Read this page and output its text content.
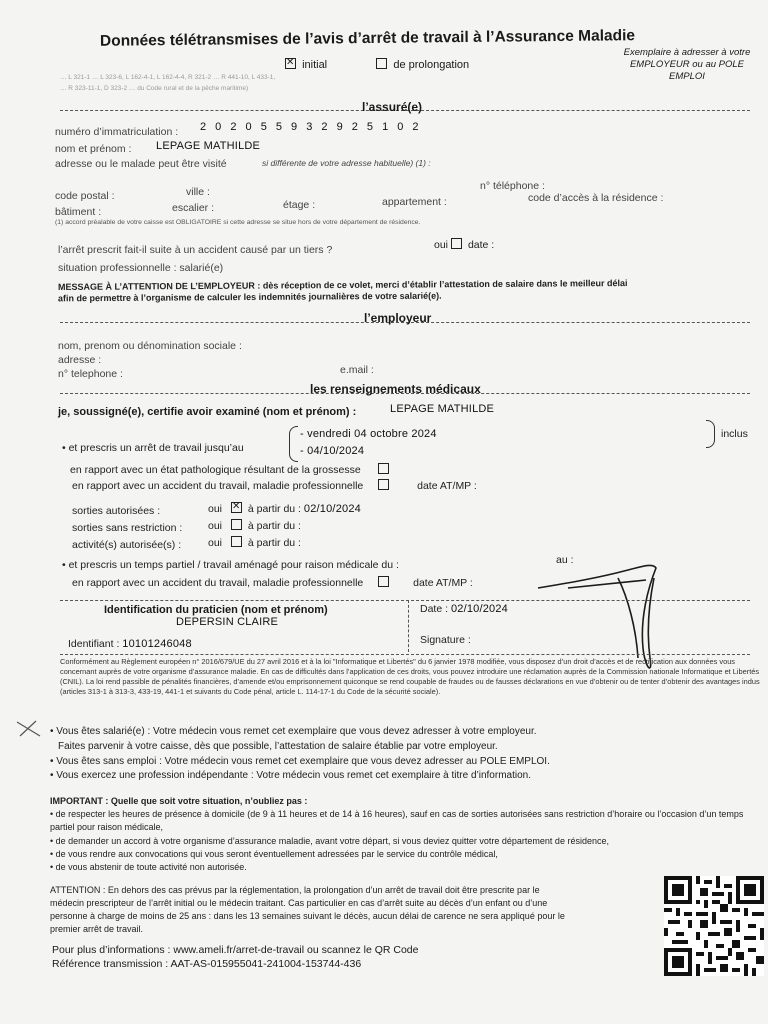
Données télétransmises de l’avis d’arrêt de travail à l’Assurance Maladie
Exemplaire à adresser à votre EMPLOYEUR ou au POLE EMPLOI
✕ initial	de prolongation
… L 321-1 … L 323-6, L 162-4-1, L 162-4-4, R 321-2 … R 441-10, L 433-1,
… R 323-11-1, D 323-2 … du Code rural et de la pêche maritime)
l’assuré(e)
numéro d’immatriculation : 2 0 2 0 5 5 9 3 2 9 2 5 1 0 2
nom et prénom : LEPAGE MATHILDE
adresse ou le malade peut être visité	si différente de votre adresse habituelle) (1) :
n° téléphone :
code postal :	ville :
bâtiment :	escalier :	étage :	appartement :	code d’accès à la résidence :
(1) accord préalable de votre caisse est OBLIGATOIRE si cette adresse se situe hors de votre département de résidence.
l’arrêt prescrit fait-il suite à un accident causé par un tiers ?	oui date :
situation professionnelle : salarié(e)
MESSAGE À L’ATTENTION DE L’EMPLOYEUR : dès réception de ce volet, merci d’établir l’attestation de salaire dans le meilleur délai
afin de permettre à l’organisme de calculer les indemnités journalières de votre salarié(e).
l’employeur
nom, prenom ou dénomination sociale :
adresse :
n° telephone :	e.mail :
les renseignements médicaux
je, soussigné(e), certifie avoir examiné (nom et prénom) :	LEPAGE MATHILDE
• et prescris un arrêt de travail jusqu’au
- vendredi 04 octobre 2024
- 04/10/2024
inclus
en rapport avec un état pathologique résultant de la grossesse
en rapport avec un accident du travail, maladie professionnelle	date AT/MP :
sorties autorisées :	oui ✕ à partir du : 02/10/2024
sorties sans restriction : oui à partir du :
activité(s) autorisée(s) :	oui à partir du :
• et prescris un temps partiel / travail aménagé pour raison médicale du :	au :
en rapport avec un accident du travail, maladie professionnelle	date AT/MP :
Identification du praticien (nom et prénom)
DEPERSIN CLAIRE
Date : 02/10/2024
Identifiant : 10101246048	Signature :
Conformément au Règlement européen n° 2016/679/UE du 27 avril 2016 et à la loi "Informatique et Libertés" du 6 janvier 1978 modifiée, vous disposez d’un droit d’accès et de rectification aux données vous concernant auprès de votre organisme d’assurance maladie. En cas de difficultés dans l’application de ces droits, vous pouvez introduire une réclamation auprès de la Commission nationale Informatique et Libertés (CNIL). La loi rend passible de pénalités financières, d’amende et/ou emprisonnement quiconque se rend coupable de fraudes ou de fausses déclarations en vue d’obtenir ou de tenter d’obtenir des avantages indus (articles 313-1 à 313-3, 433-19, 441-1 et suivants du Code pénal, article L. 114-17-1 du Code de la sécurité sociale).
• Vous êtes salarié(e) : Votre médecin vous remet cet exemplaire que vous devez adresser à votre employeur.
Faites parvenir à votre caisse, dès que possible, l’attestation de salaire établie par votre employeur.
• Vous êtes sans emploi : Votre médecin vous remet cet exemplaire que vous devez adresser au POLE EMPLOI.
• Vous exercez une profession indépendante : Votre médecin vous remet cet exemplaire à titre d’information.
IMPORTANT : Quelle que soit votre situation, n’oubliez pas :
• de respecter les heures de présence à domicile (de 9 à 11 heures et de 14 à 16 heures), sauf en cas de sorties autorisées sans restriction d’horaire ou l’occasion d’un temps partiel pour raison médicale,
• de demander un accord à votre organisme d’assurance maladie, avant votre départ, si vous deviez quitter votre département de résidence,
• de vous rendre aux convocations qui vous seront éventuellement adressées par le service du contrôle médical,
• de vous abstenir de toute activité non autorisée.
ATTENTION : En dehors des cas prévus par la réglementation, la prolongation d’un arrêt de travail doit être prescrite par le médecin prescripteur de l’arrêt initial ou le médecin traitant. Cas particulier en cas d’arrêt suite au décès d’un enfant ou d’une personne à charge de moins de 25 ans : dans les 13 semaines suivant le décès, aucun délai de carence ne sera appliqué pour le premier arrêt de travail.
Pour plus d’informations : www.ameli.fr/arret-de-travail ou scannez le QR Code
Référence transmission : AAT-AS-015955041-241004-153744-436
